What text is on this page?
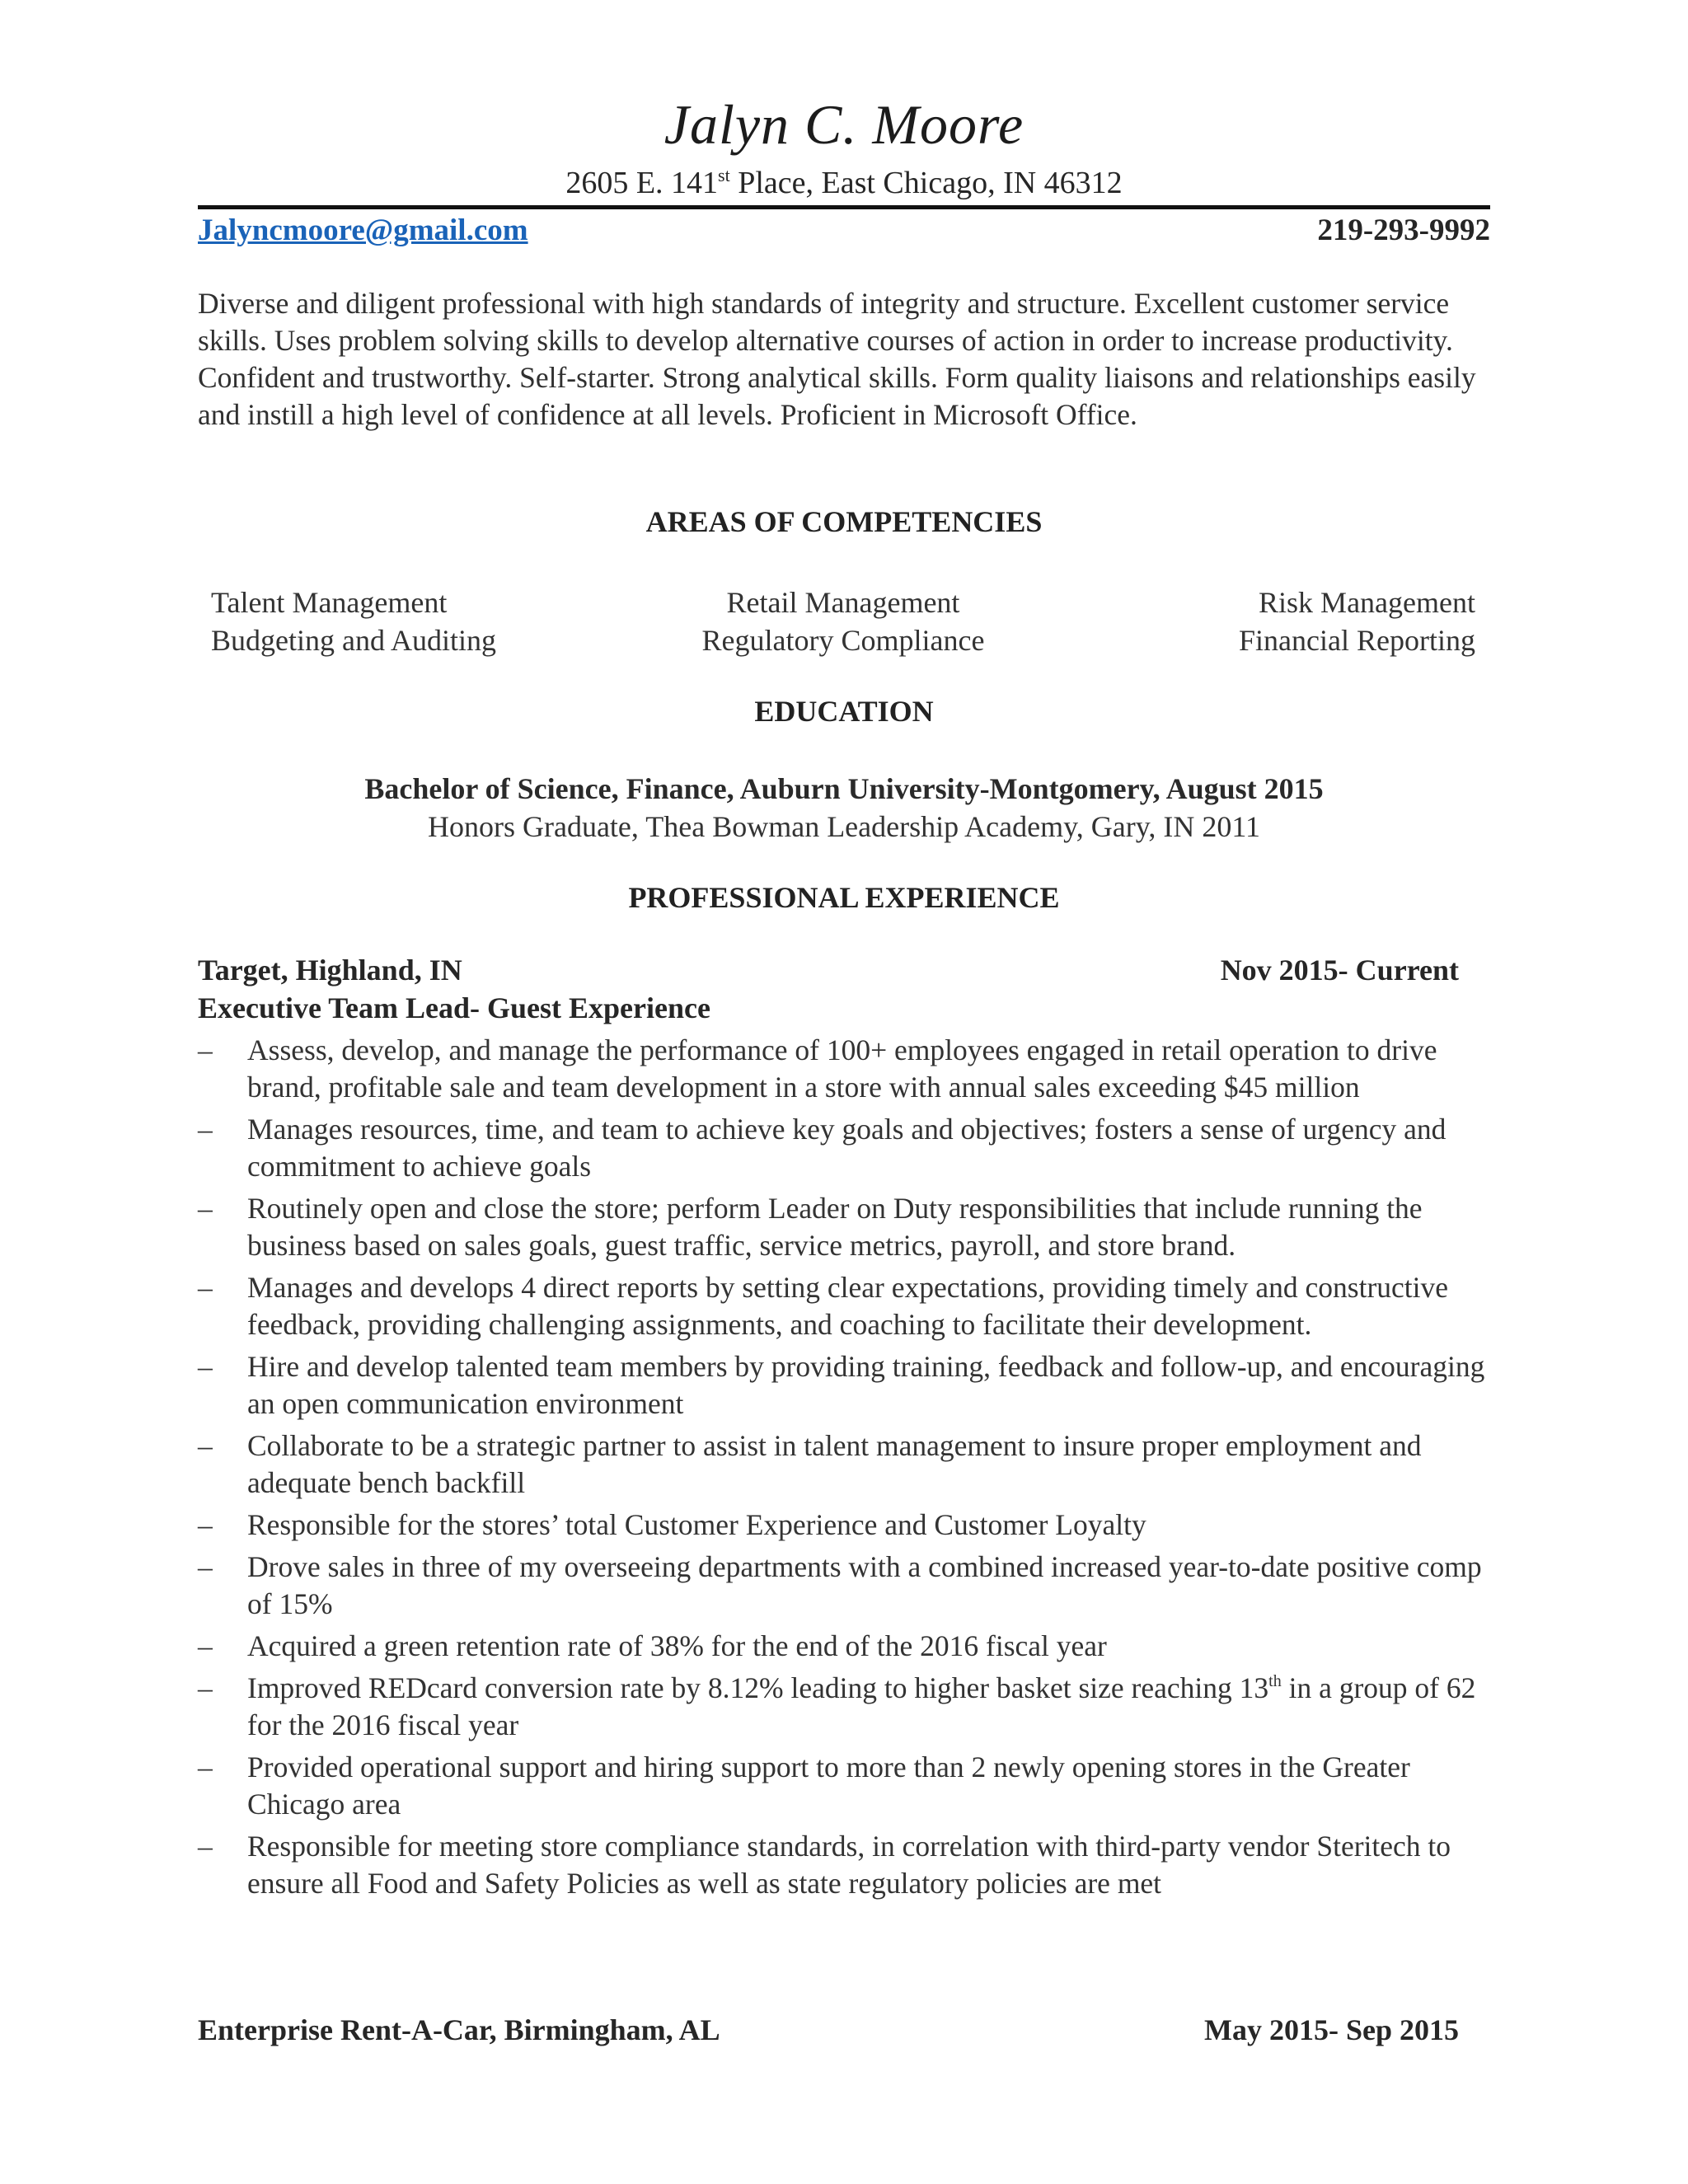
Jalyn C. Moore
2605 E. 141st Place, East Chicago, IN 46312
Jalyncmoore@gmail.com	219-293-9992
Diverse and diligent professional with high standards of integrity and structure. Excellent customer service skills. Uses problem solving skills to develop alternative courses of action in order to increase productivity. Confident and trustworthy. Self-starter. Strong analytical skills. Form quality liaisons and relationships easily and instill a high level of confidence at all levels. Proficient in Microsoft Office.
AREAS OF COMPETENCIES
Talent Management	Retail Management	Risk Management
Budgeting and Auditing	Regulatory Compliance	Financial Reporting
EDUCATION
Bachelor of Science, Finance, Auburn University-Montgomery, August 2015
Honors Graduate, Thea Bowman Leadership Academy, Gary, IN 2011
PROFESSIONAL EXPERIENCE
Target, Highland, IN	Nov 2015- Current
Executive Team Lead- Guest Experience
– Assess, develop, and manage the performance of 100+ employees engaged in retail operation to drive brand, profitable sale and team development in a store with annual sales exceeding $45 million
– Manages resources, time, and team to achieve key goals and objectives; fosters a sense of urgency and commitment to achieve goals
– Routinely open and close the store; perform Leader on Duty responsibilities that include running the business based on sales goals, guest traffic, service metrics, payroll, and store brand.
– Manages and develops 4 direct reports by setting clear expectations, providing timely and constructive feedback, providing challenging assignments, and coaching to facilitate their development.
– Hire and develop talented team members by providing training, feedback and follow-up, and encouraging an open communication environment
– Collaborate to be a strategic partner to assist in talent management to insure proper employment and adequate bench backfill
– Responsible for the stores’ total Customer Experience and Customer Loyalty
– Drove sales in three of my overseeing departments with a combined increased year-to-date positive comp of 15%
– Acquired a green retention rate of 38% for the end of the 2016 fiscal year
– Improved REDcard conversion rate by 8.12% leading to higher basket size reaching 13th in a group of 62 for the 2016 fiscal year
– Provided operational support and hiring support to more than 2 newly opening stores in the Greater Chicago area
– Responsible for meeting store compliance standards, in correlation with third-party vendor Steritech to ensure all Food and Safety Policies as well as state regulatory policies are met
Enterprise Rent-A-Car, Birmingham, AL	May 2015- Sep 2015
